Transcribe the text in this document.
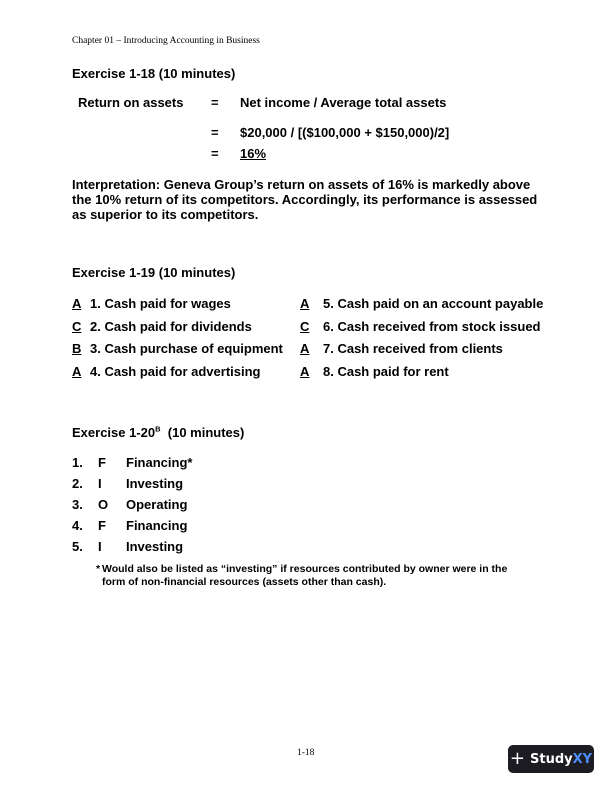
Chapter 01 – Introducing Accounting in Business
Exercise 1-18 (10 minutes)
Return on assets = Net income / Average total assets
= $20,000 / [($100,000 + $150,000)/2]
= 16%
Interpretation: Geneva Group’s return on assets of 16% is markedly above the 10% return of its competitors. Accordingly, its performance is assessed as superior to its competitors.
Exercise 1-19 (10 minutes)
A 1. Cash paid for wages
C 2. Cash paid for dividends
B 3. Cash purchase of equipment
A 4. Cash paid for advertising
A 5. Cash paid on an account payable
C 6. Cash received from stock issued
A 7. Cash received from clients
A 8. Cash paid for rent
Exercise $1-20^B$  (10 minutes)
1. F Financing*
2. I Investing
3. O Operating
4. F Financing
5. I Investing
* Would also be listed as “investing” if resources contributed by owner were in the
form of non-financial resources (assets other than cash).
1-18	+ Study XY
